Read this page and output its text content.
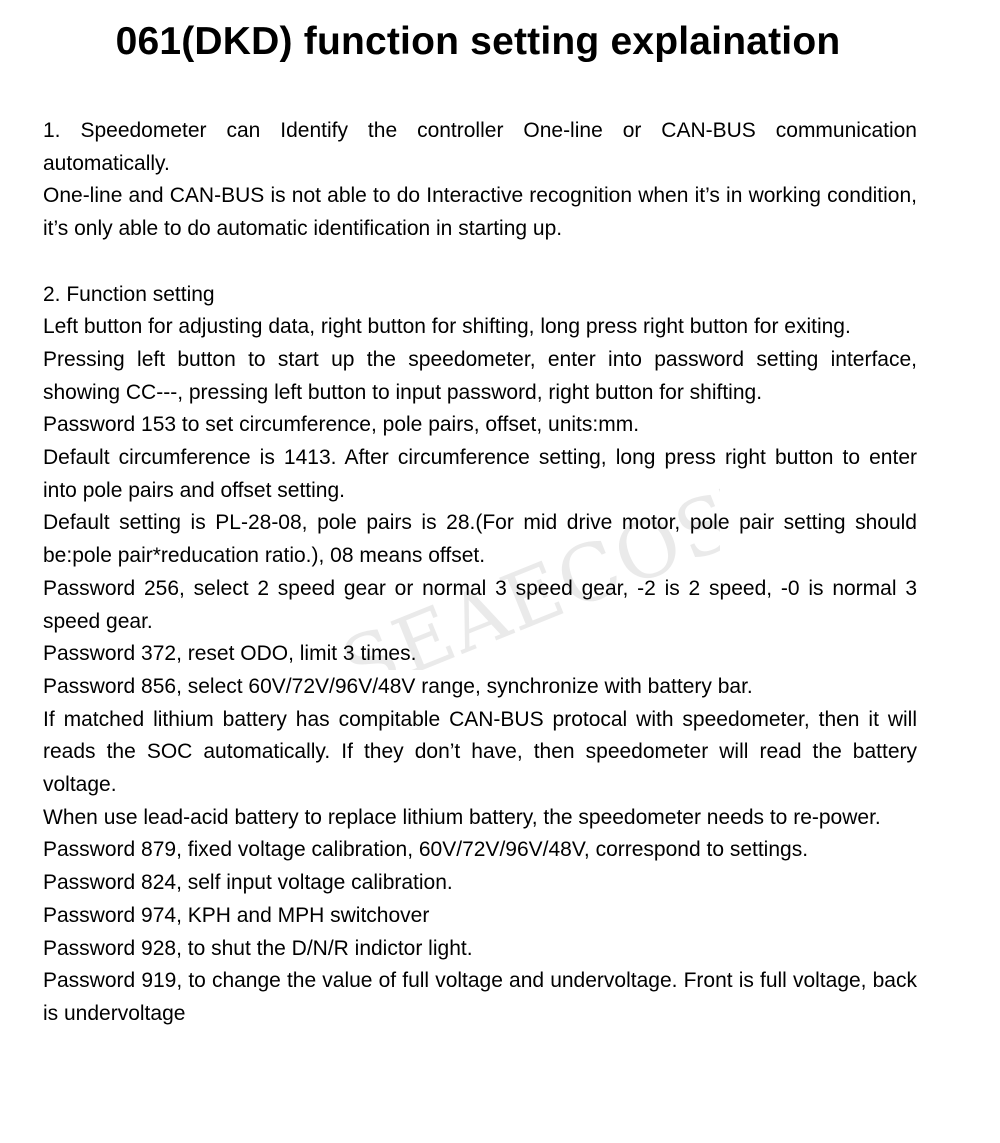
SEAECOSYS
061(DKD) function setting explaination

1. Speedometer can Identify the controller One-line or CAN-BUS communication automatically.

One-line and CAN-BUS is not able to do Interactive recognition when it’s in working condition, it’s only able to do automatic identification in starting up.

2. Function setting

Left button for adjusting data, right button for shifting, long press right button for exiting.

Pressing left button to start up the speedometer, enter into password setting interface, showing CC---, pressing left button to input password, right button for shifting.

Password 153 to set circumference, pole pairs, offset, units:mm.

Default circumference is 1413. After circumference setting, long press right button to enter into pole pairs and offset setting.

Default setting is PL-28-08, pole pairs is 28.(For mid drive motor, pole pair setting should be:pole pair*reducation ratio.), 08 means offset.

Password 256, select 2 speed gear or normal 3 speed gear, -2 is 2 speed, -0 is normal 3 speed gear.

Password 372, reset ODO, limit 3 times.

Password 856, select 60V/72V/96V/48V range, synchronize with battery bar.

If matched lithium battery has compitable CAN-BUS protocal with speedometer, then it will reads the SOC automatically. If they don’t have, then speedometer will read the battery voltage.

When use lead-acid battery to replace lithium battery, the speedometer needs to re-power.

Password 879, fixed voltage calibration, 60V/72V/96V/48V, correspond to settings.

Password 824, self input voltage calibration.

Password 974, KPH and MPH switchover

Password 928, to shut the D/N/R indictor light.

Password 919, to change the value of full voltage and undervoltage. Front is full voltage, back is undervoltage
